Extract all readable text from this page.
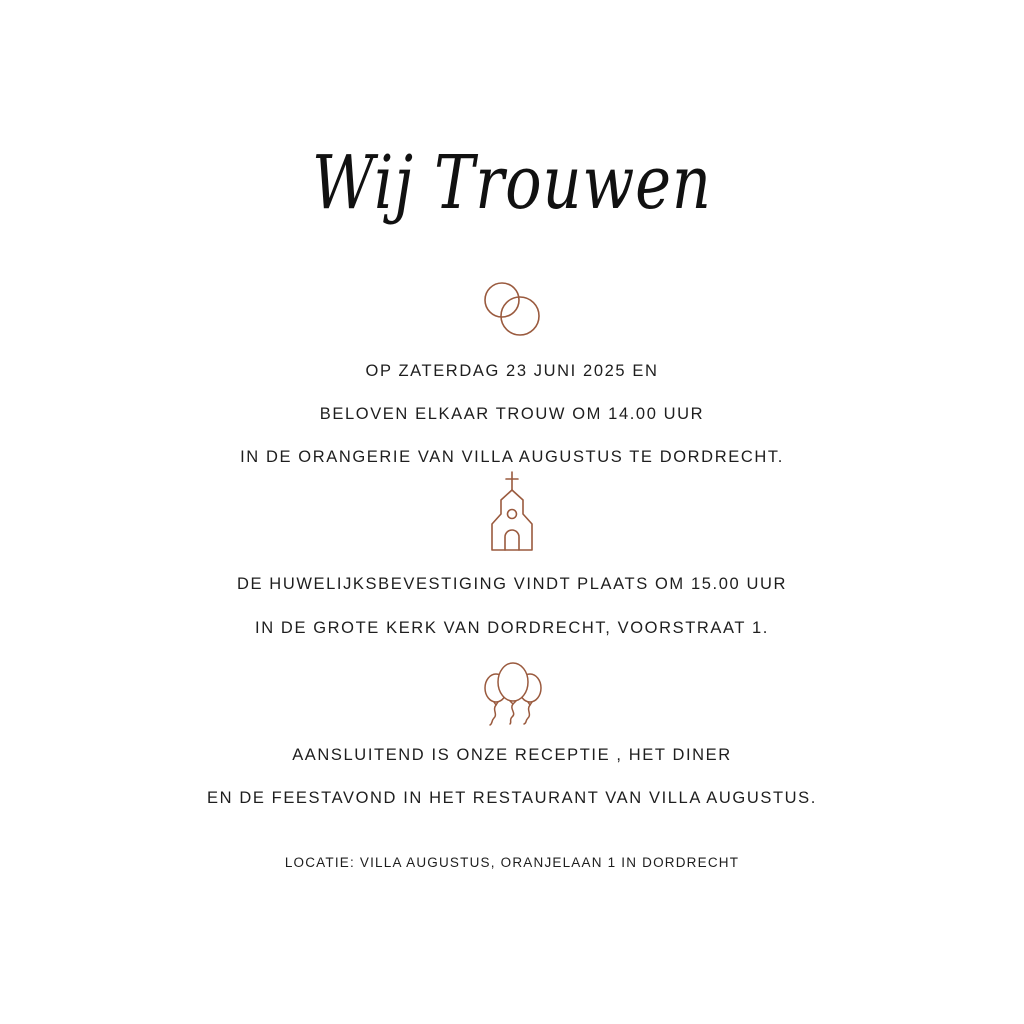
Wij Trouwen
OP ZATERDAG 23 JUNI 2025 EN
BELOVEN ELKAAR TROUW OM 14.00 UUR
IN DE ORANGERIE VAN VILLA AUGUSTUS TE DORDRECHT.
DE HUWELIJKSBEVESTIGING VINDT PLAATS OM 15.00 UUR
IN DE GROTE KERK VAN DORDRECHT, VOORSTRAAT 1.
AANSLUITEND IS ONZE RECEPTIE , HET DINER
EN DE FEESTAVOND IN HET RESTAURANT VAN VILLA AUGUSTUS.
LOCATIE: VILLA AUGUSTUS, ORANJELAAN 1 IN DORDRECHT
